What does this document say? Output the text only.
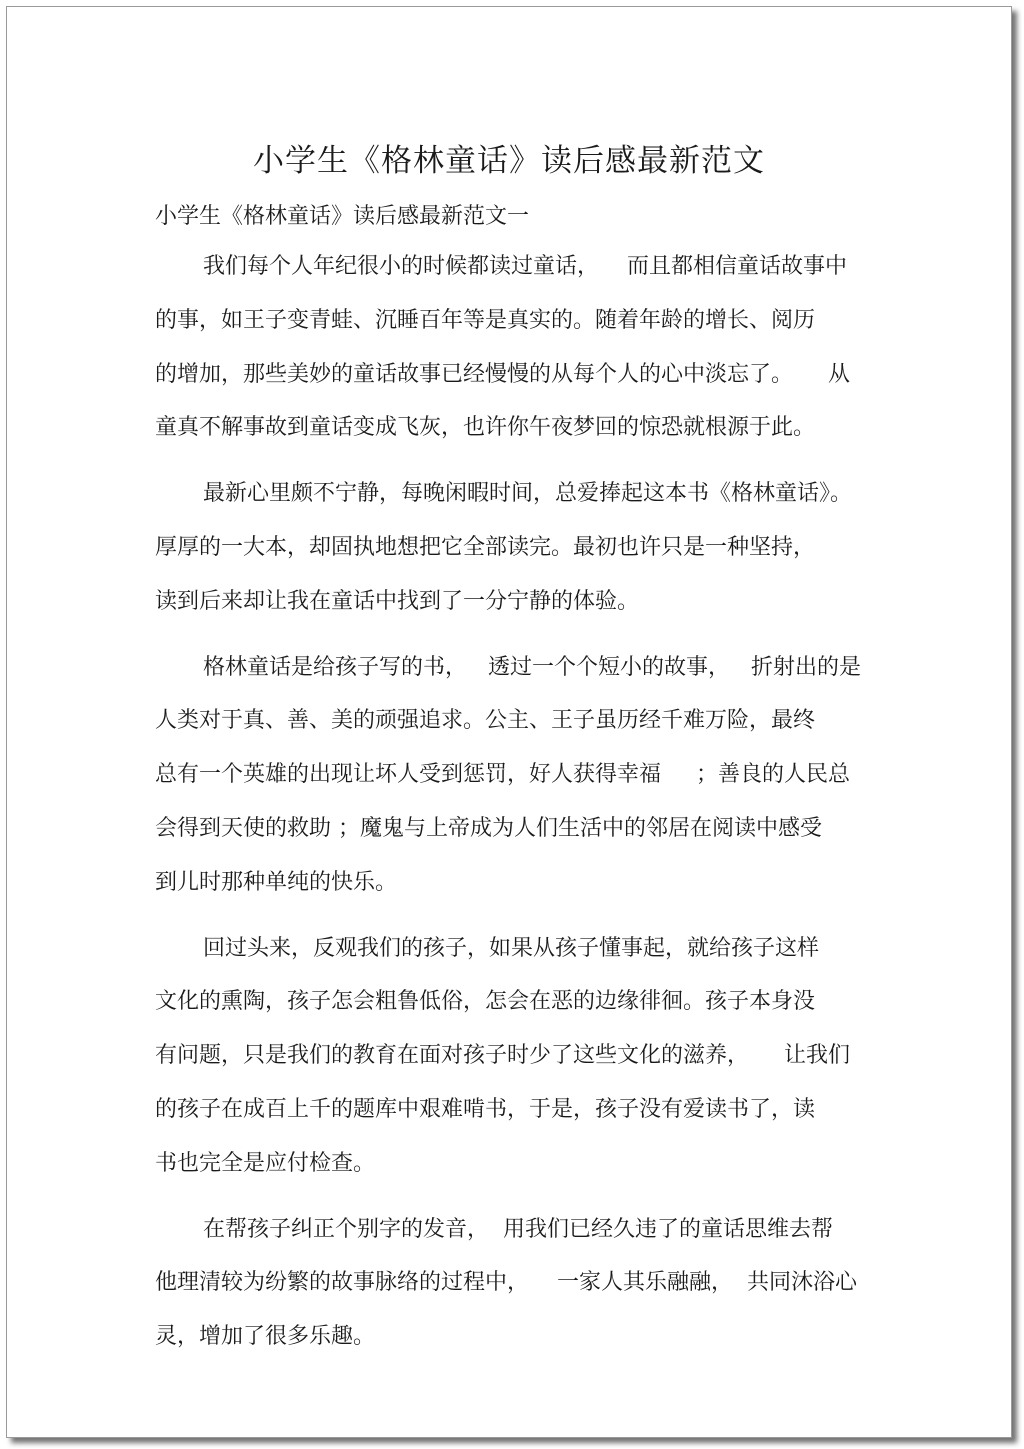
小学生《格林童话》读后感最新范文
小学生《格林童话》读后感最新范文一
我们每个人年纪很小的时候都读过童话，    而且都相信童话故事中
的事，如王子变青蛙、沉睡百年等是真实的。随着年龄的增长、阅历
的增加，那些美妙的童话故事已经慢慢的从每个人的心中淡忘了。     从
童真不解事故到童话变成飞灰，也许你午夜梦回的惊恐就根源于此。
最新心里颇不宁静，每晚闲暇时间，总爱捧起这本书《格林童话》。
厚厚的一大本，却固执地想把它全部读完。最初也许只是一种坚持，
读到后来却让我在童话中找到了一分宁静的体验。
格林童话是给孩子写的书，   透过一个个短小的故事，   折射出的是
人类对于真、善、美的顽强追求。公主、王子虽历经千难万险，最终
总有一个英雄的出现让坏人受到惩罚，好人获得幸福     ；善良的人民总
会得到天使的救助 ；魔鬼与上帝成为人们生活中的邻居在阅读中感受
到儿时那种单纯的快乐。
回过头来，反观我们的孩子，如果从孩子懂事起，就给孩子这样
文化的熏陶，孩子怎会粗鲁低俗，怎会在恶的边缘徘徊。孩子本身没
有问题，只是我们的教育在面对孩子时少了这些文化的滋养，     让我们
的孩子在成百上千的题库中艰难啃书，于是，孩子没有爱读书了，读
书也完全是应付检查。
在帮孩子纠正个别字的发音，  用我们已经久违了的童话思维去帮
他理清较为纷繁的故事脉络的过程中，    一家人其乐融融，  共同沐浴心
灵，增加了很多乐趣。
